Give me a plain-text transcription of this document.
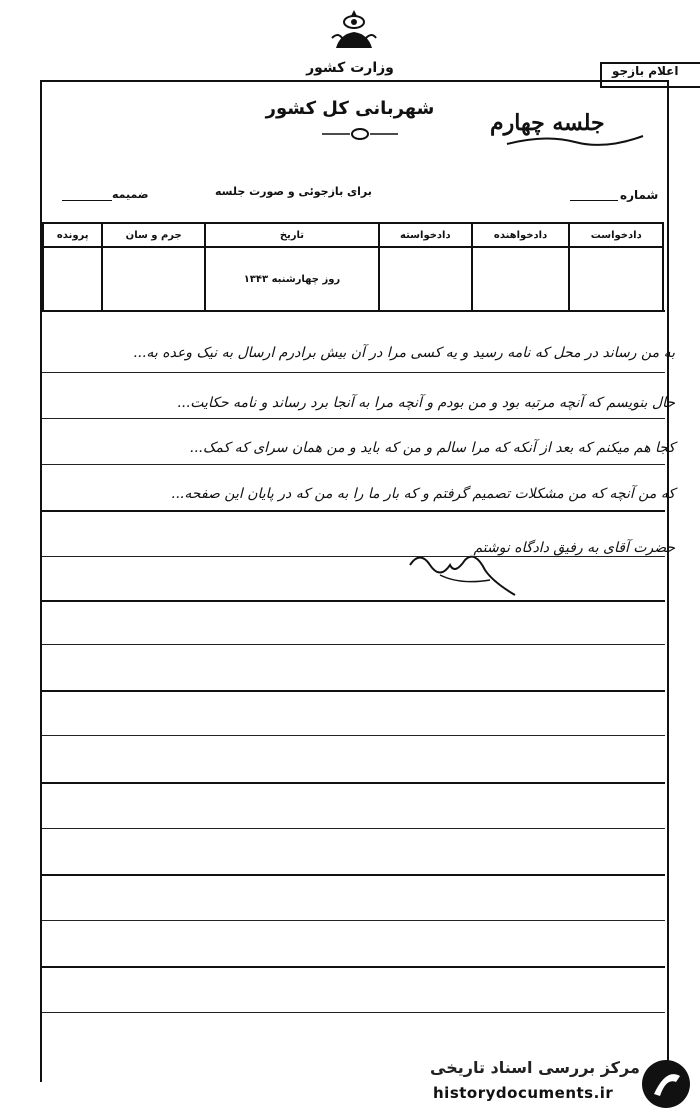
اعلام بازجو
وزارت کشور
شهربانی کل کشور
جلسه چهارم
شماره
برای بازجوئی و صورت جلسه
ضمیمه
دادخواست	دادخواهنده	دادخواسته	تاریخ	جرم و سان	پرونده
			روز چهارشنبه ۱۳۴۳		
به من رساند در محل که نامه رسید و یه کسی مرا در آن بیش برادرم ارسال به نیک وعده به...
حال بنویسم که آنچه مرتبه بود و من بودم و آنچه مرا به آنجا برد رساند و نامه حکایت...
کجا هم میکنم که بعد از آنکه که مرا سالم و من که باید و من همان سرای که کمک...
که من آنچه که من مشکلات تصمیم گرفتم و که بار ما را به من که در پایان این صفحه...
حضرت آقای به رفیق دادگاه نوشتم
مرکز بررسی اسناد تاریخی
historydocuments.ir
